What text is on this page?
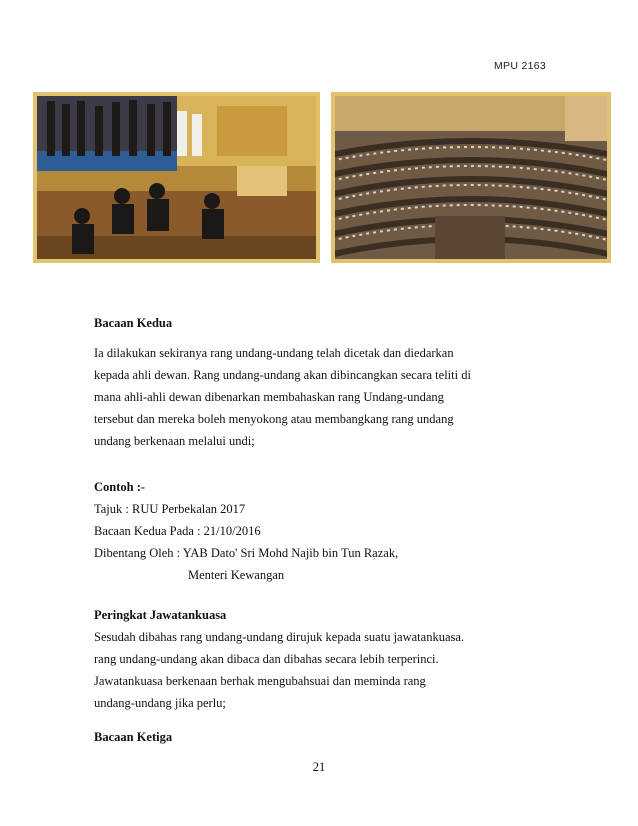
MPU 2163
Bacaan Kedua
Ia dilakukan sekiranya rang undang-undang telah dicetak dan diedarkan
kepada ahli dewan. Rang undang-undang akan dibincangkan secara teliti di
mana ahli-ahli dewan dibenarkan membahaskan rang Undang-undang
tersebut dan mereka boleh menyokong atau membangkang rang undang
undang berkenaan melalui undi;
Contoh :-
Tajuk : RUU Perbekalan 2017
Bacaan Kedua Pada : 21/10/2016
Dibentang Oleh : YAB Dato' Sri Mohd Najib bin Tun Razak,
Menteri Kewangan
Peringkat Jawatankuasa
Sesudah dibahas rang undang-undang dirujuk kepada suatu jawatankuasa.
rang undang-undang akan dibaca dan dibahas secara lebih terperinci.
Jawatankuasa berkenaan berhak mengubahsuai dan meminda rang
undang-undang jika perlu;
Bacaan Ketiga
21
